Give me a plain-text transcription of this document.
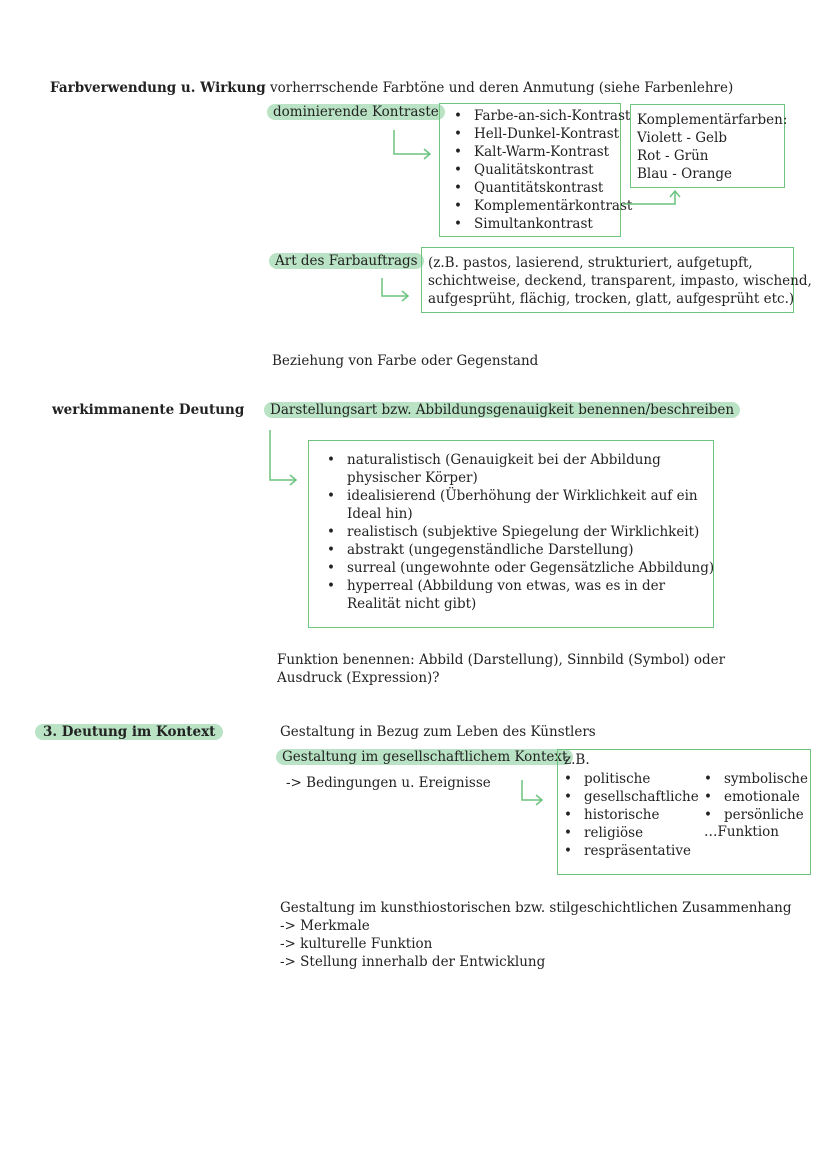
Farbverwendung u. Wirkung vorherrschende Farbtöne und deren Anmutung (siehe Farbenlehre)
dominierende Kontraste	• Farbe-an-sich-Kontrast
• Hell-Dunkel-Kontrast
• Kalt-Warm-Kontrast
• Qualitätskontrast
• Quantitätskontrast
• Komplementärkontrast
• Simultankontrast
Komplementärfarben:
Violett - Gelb
Rot - Grün
Blau - Orange
Art des Farbauftrags (z.B. pastos, lasierend, strukturiert, aufgetupft,
schichtweise, deckend, transparent, impasto, wischend,
aufgesprüht, flächig, trocken, glatt, aufgesprüht etc.)
Beziehung von Farbe oder Gegenstand
werkimmanente Deutung	Darstellungsart bzw. Abbildungsgenauigkeit benennen/beschreiben
• naturalistisch (Genauigkeit bei der Abbildung
physischer Körper)
• idealisierend (Überhöhung der Wirklichkeit auf ein
Ideal hin)
• realistisch (subjektive Spiegelung der Wirklichkeit)
• abstrakt (ungegenständliche Darstellung)
• surreal (ungewohnte oder Gegensätzliche Abbildung)
• hyperreal (Abbildung von etwas, was es in der
Realität nicht gibt)
Funktion benennen: Abbild (Darstellung), Sinnbild (Symbol) oder
Ausdruck (Expression)?
3. Deutung im Kontext	Gestaltung in Bezug zum Leben des Künstlers
Gestaltung im gesellschaftlichem Kontext
-> Bedingungen u. Ereignisse
z.B.
• politische
• gesellschaftliche
• historische
• religiöse
• respräsentative
• symbolische
• emotionale
• persönliche
…Funktion
Gestaltung im kunsthiostorischen bzw. stilgeschichtlichen Zusammenhang
-> Merkmale
-> kulturelle Funktion
-> Stellung innerhalb der Entwicklung
